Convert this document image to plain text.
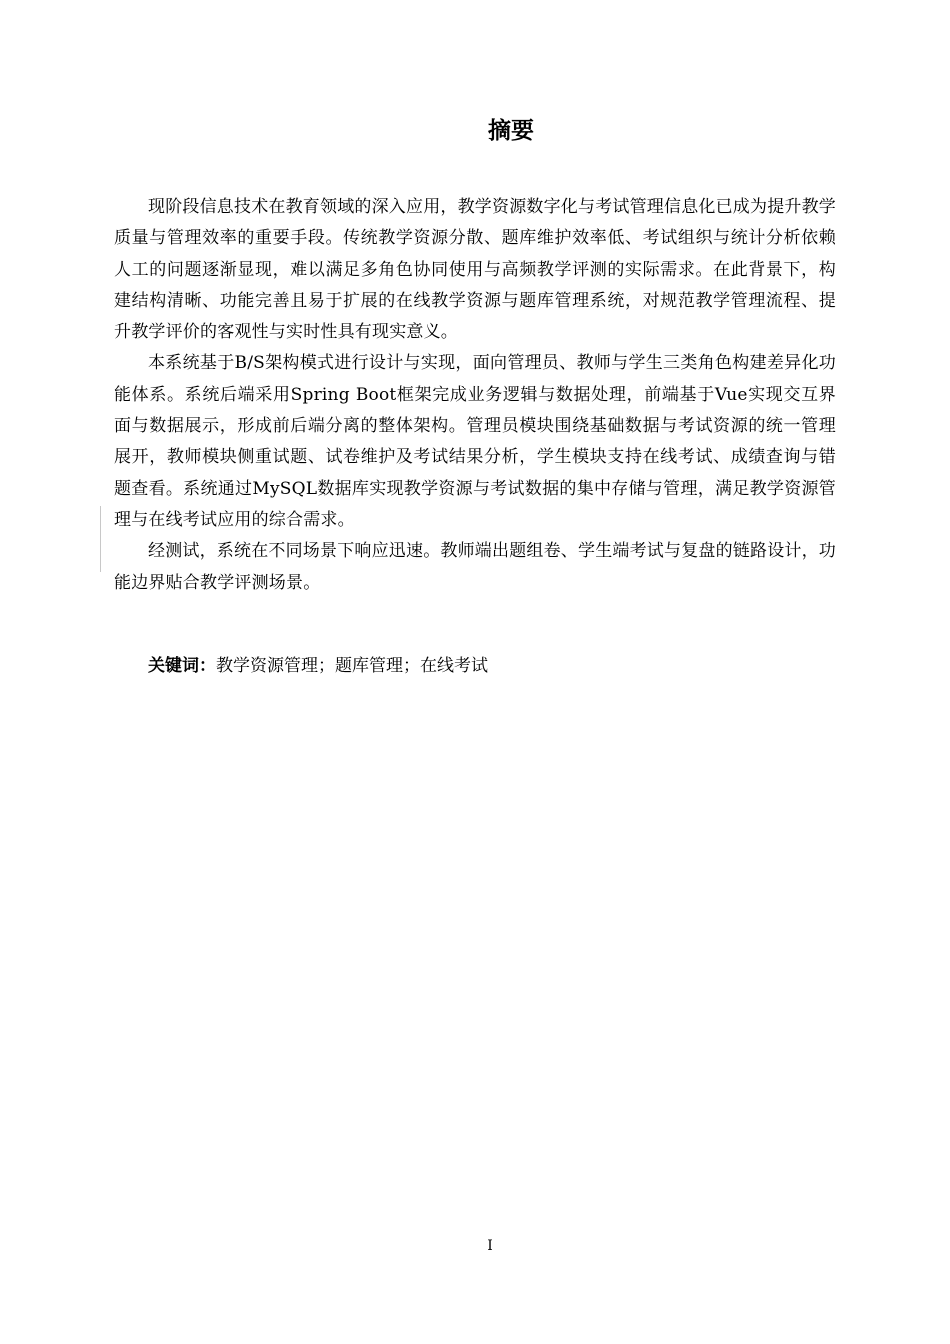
摘要

现阶段信息技术在教育领域的深入应用，教学资源数字化与考试管理信息化已成为提升教学质量与管理效率的重要手段。传统教学资源分散、题库维护效率低、考试组织与统计分析依赖人工的问题逐渐显现，难以满足多角色协同使用与高频教学评测的实际需求。在此背景下，构建结构清晰、功能完善且易于扩展的在线教学资源与题库管理系统，对规范教学管理流程、提升教学评价的客观性与实时性具有现实意义。

本系统基于B/S架构模式进行设计与实现，面向管理员、教师与学生三类角色构建差异化功能体系。系统后端采用Spring Boot框架完成业务逻辑与数据处理，前端基于Vue实现交互界面与数据展示，形成前后端分离的整体架构。管理员模块围绕基础数据与考试资源的统一管理展开，教师模块侧重试题、试卷维护及考试结果分析，学生模块支持在线考试、成绩查询与错题查看。系统通过MySQL数据库实现教学资源与考试数据的集中存储与管理，满足教学资源管理与在线考试应用的综合需求。

经测试，系统在不同场景下响应迅速。教师端出题组卷、学生端考试与复盘的链路设计，功能边界贴合教学评测场景。

关键词：教学资源管理；题库管理；在线考试

I
